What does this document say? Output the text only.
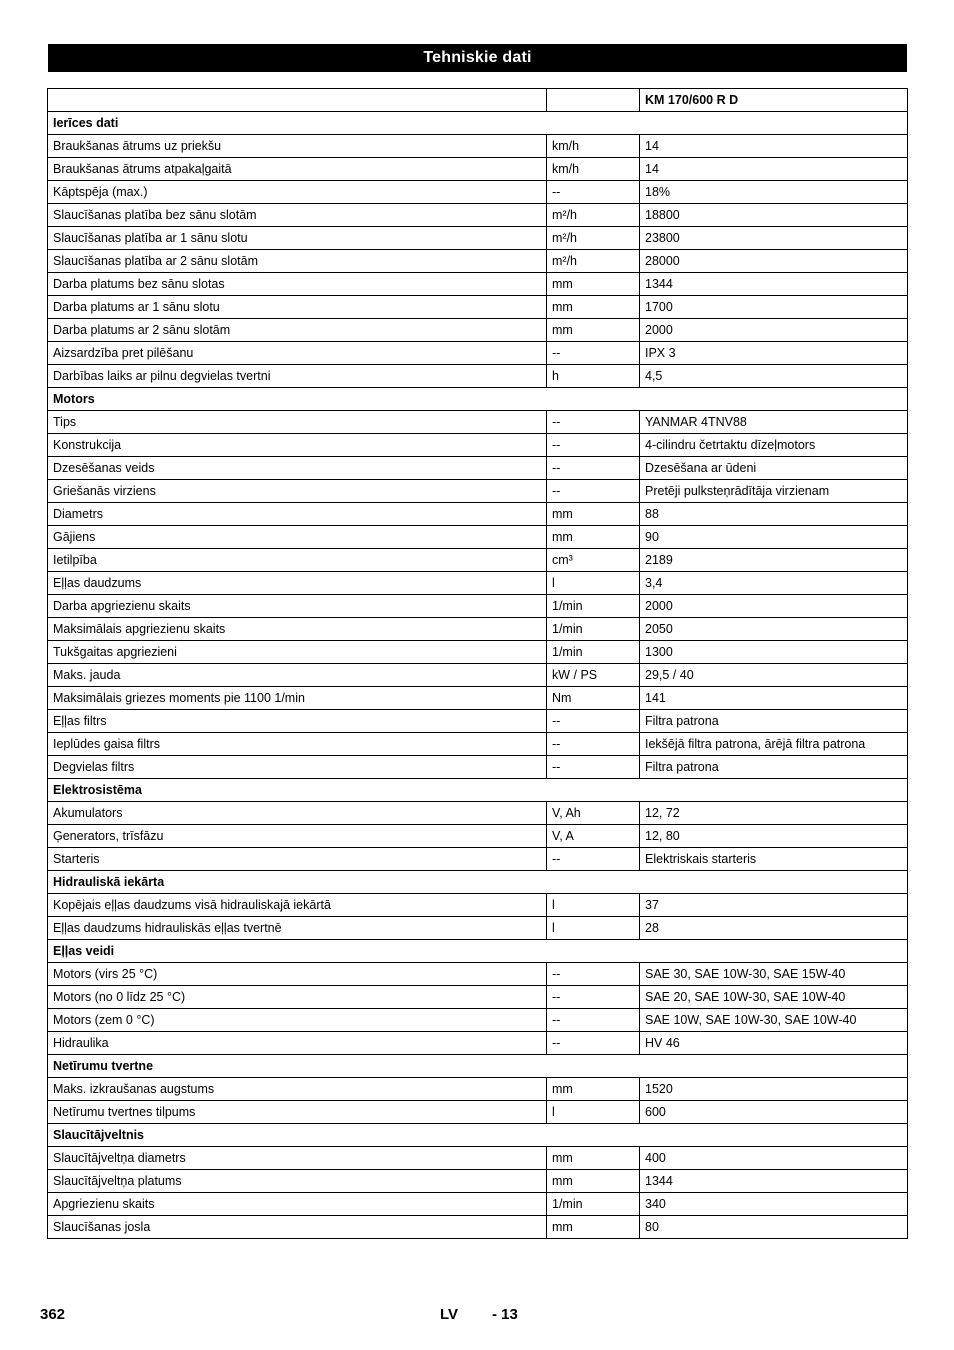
Tehniskie dati
		KM 170/600 R D
Ierīces dati		
Braukšanas ātrums uz priekšu	km/h	14
Braukšanas ātrums atpakaļgaitā	km/h	14
Kāptspēja (max.)	--	18%
Slaucīšanas platība bez sānu slotām	m²/h	18800
Slaucīšanas platība ar 1 sānu slotu	m²/h	23800
Slaucīšanas platība ar 2 sānu slotām	m²/h	28000
Darba platums bez sānu slotas	mm	1344
Darba platums ar 1 sānu slotu	mm	1700
Darba platums ar 2 sānu slotām	mm	2000
Aizsardzība pret pilēšanu	--	IPX 3
Darbības laiks ar pilnu degvielas tvertni	h	4,5
Motors		
Tips	--	YANMAR 4TNV88
Konstrukcija	--	4-cilindru četrtaktu dīzeļmotors
Dzesēšanas veids	--	Dzesēšana ar ūdeni
Griešanās virziens	--	Pretēji pulksteņrādītāja virzienam
Diametrs	mm	88
Gājiens	mm	90
Ietilpība	cm³	2189
Eļļas daudzums	l	3,4
Darba apgriezienu skaits	1/min	2000
Maksimālais apgriezienu skaits	1/min	2050
Tukšgaitas apgriezieni	1/min	1300
Maks. jauda	kW / PS	29,5 / 40
Maksimālais griezes moments pie 1100 1/min	Nm	141
Eļļas filtrs	--	Filtra patrona
Ieplūdes gaisa filtrs	--	Iekšējā filtra patrona, ārējā filtra patrona
Degvielas filtrs	--	Filtra patrona
Elektrosistēma		
Akumulators	V, Ah	12, 72
Ģenerators, trīsfāzu	V, A	12, 80
Starteris	--	Elektriskais starteris
Hidrauliskā iekārta		
Kopējais eļļas daudzums visā hidrauliskajā iekārtā	l	37
Eļļas daudzums hidrauliskās eļļas tvertnē	l	28
Eļļas veidi		
Motors (virs 25 °C)	--	SAE 30, SAE 10W-30, SAE 15W-40
Motors (no 0 līdz 25 °C)	--	SAE 20, SAE 10W-30, SAE 10W-40
Motors (zem 0 °C)	--	SAE 10W, SAE 10W-30, SAE 10W-40
Hidraulika	--	HV 46
Netīrumu tvertne		
Maks. izkraušanas augstums	mm	1520
Netīrumu tvertnes tilpums	l	600
Slaucītājveltnis		
Slaucītājveltņa diametrs	mm	400
Slaucītājveltņa platums	mm	1344
Apgriezienu skaits	1/min	340
Slaucīšanas josla	mm	80
362	LV - 13
